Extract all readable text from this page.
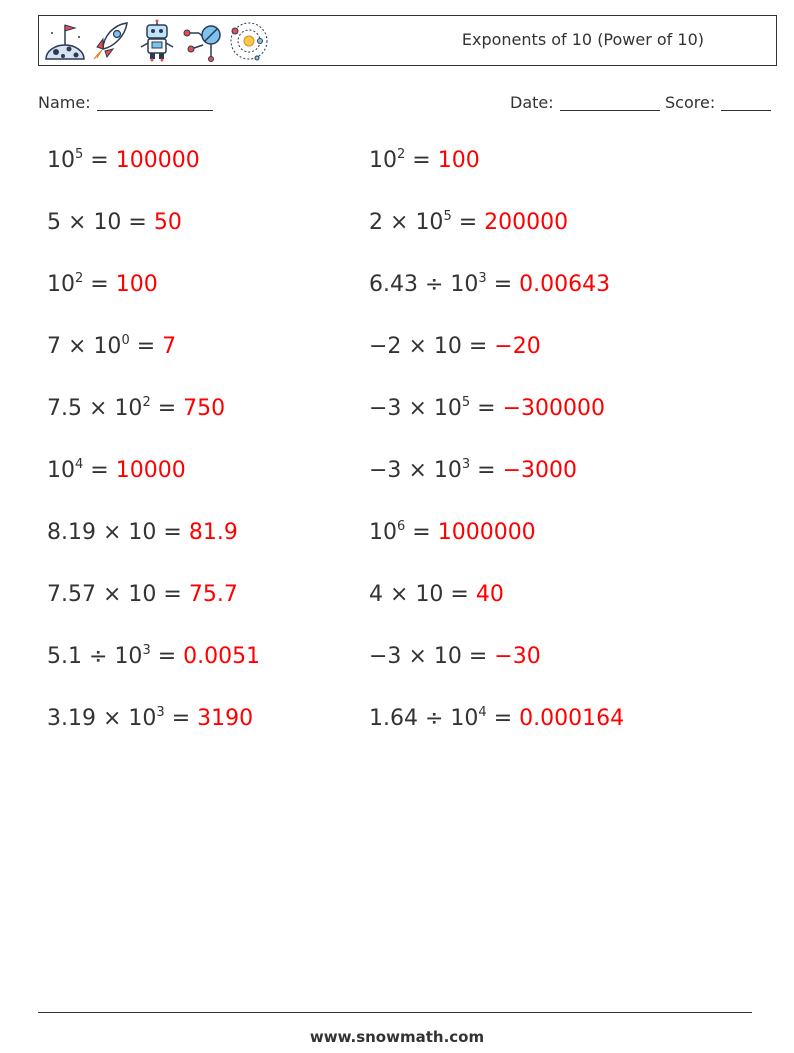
Exponents of 10 (Power of 10)
Name:	Date:	Score:
$10^5 = 100000$	$10^2 = 100$
5 × 10 = 50	$2 \times 10^5 = 200000$
$10^2 = 100$	$6.43 \div 10^3 = 0.00643$
$7 \times 10^0 = 7$	−2 × 10 = −20
$7.5 \times 10^2 = 750$	$-3 \times 10^5 = -300000$
$10^4 = 10000$	$-3 \times 10^3 = -3000$
8.19 × 10 = 81.9	$10^6 = 1000000$
7.57 × 10 = 75.7	4 × 10 = 40
$5.1 \div 10^3 = 0.0051$	−3 × 10 = −30
$3.19 \times 10^3 = 3190$	$1.64 \div 10^4 = 0.000164$
www.snowmath.com
